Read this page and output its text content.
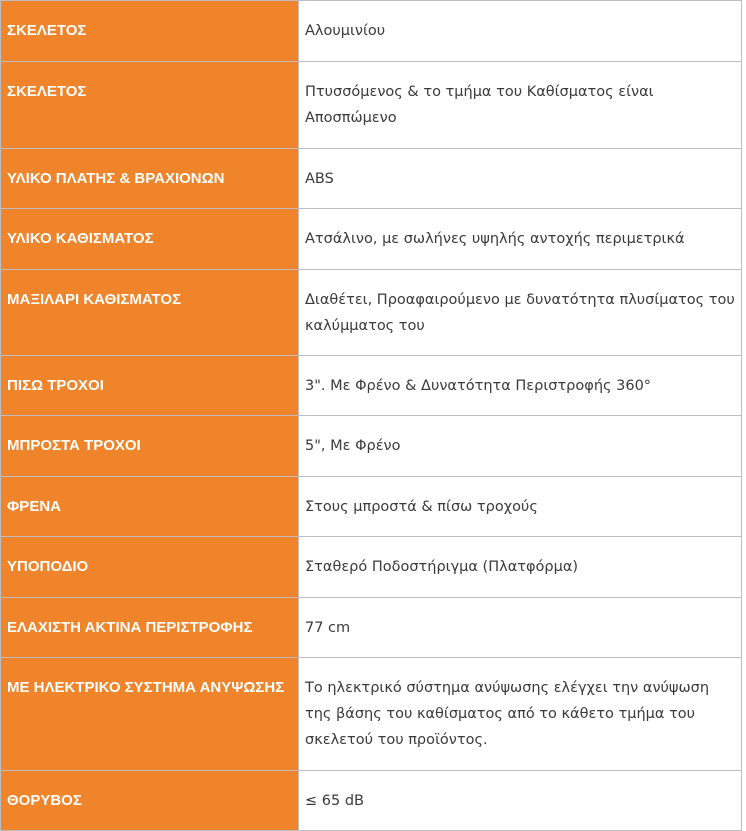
ΣΚΕΛΕΤΟΣ	Αλουμινίου

ΣΚΕΛΕΤΟΣ	Πτυσσόμενος & το τμήμα του Καθίσματος είναι Αποσπώμενο

ΥΛΙΚΟ ΠΛΑΤΗΣ & ΒΡΑΧΙΟΝΩΝ	ABS

ΥΛΙΚΟ ΚΑΘΙΣΜΑΤΟΣ	Ατσάλινο, με σωλήνες υψηλής αντοχής περιμετρικά

ΜΑΞΙΛΑΡΙ ΚΑΘΙΣΜΑΤΟΣ	Διαθέτει, Προαφαιρούμενο με δυνατότητα πλυσίματος του καλύμματος του

ΠΙΣΩ ΤΡΟΧΟΙ	3". Με Φρένο & Δυνατότητα Περιστροφής 360°

ΜΠΡΟΣΤΑ ΤΡΟΧΟΙ	5", Με Φρένο

ΦΡΕΝΑ	Στους μπροστά & πίσω τροχούς

ΥΠΟΠΟΔΙΟ	Σταθερό Ποδοστήριγμα (Πλατφόρμα)

ΕΛΑΧΙΣΤΗ ΑΚΤΙΝΑ ΠΕΡΙΣΤΡΟΦΗΣ	77 cm

ΜΕ ΗΛΕΚΤΡΙΚΟ ΣΥΣΤΗΜΑ ΑΝΥΨΩΣΗΣ	Το ηλεκτρικό σύστημα ανύψωσης ελέγχει την ανύψωση της βάσης του καθίσματος από το κάθετο τμήμα του σκελετού του προϊόντος.

ΘΟΡΥΒΟΣ	≤ 65 dB
